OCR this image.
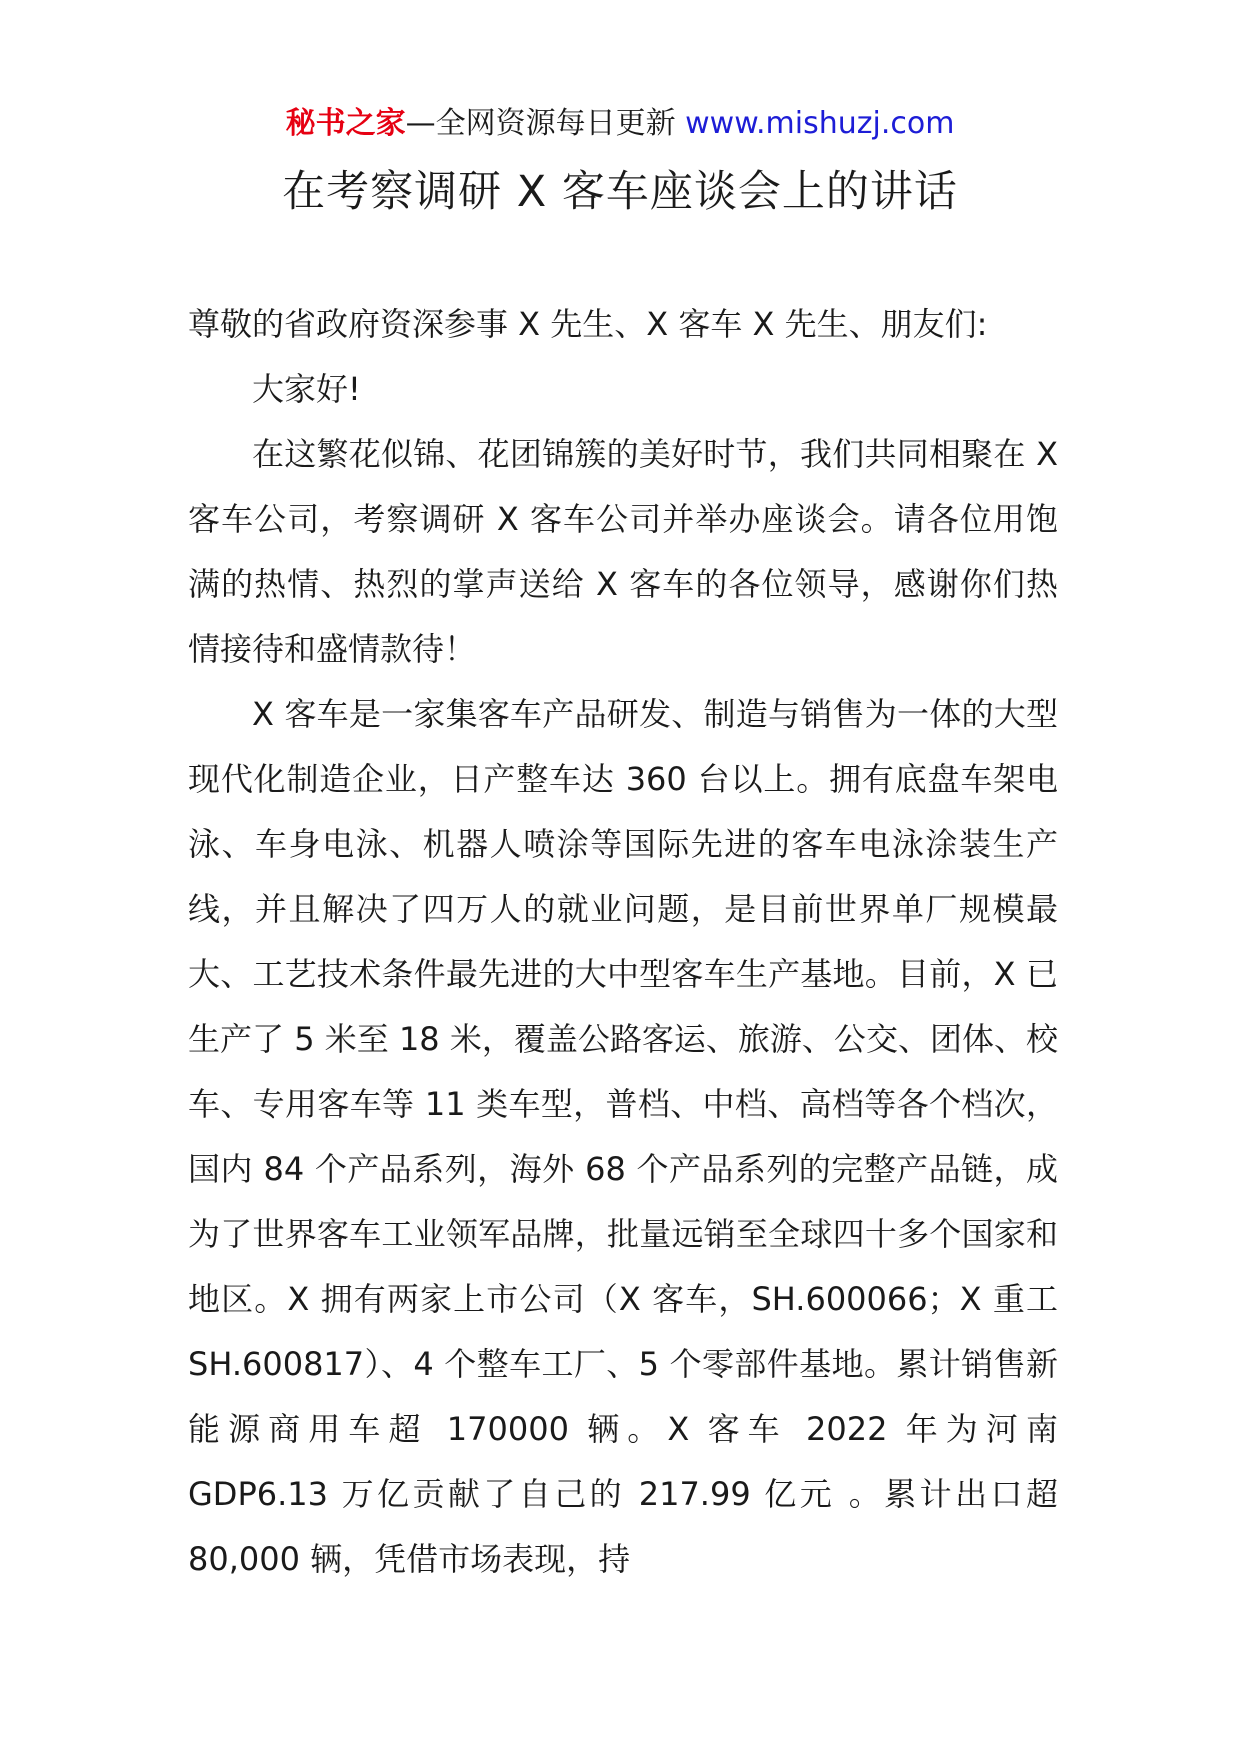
秘书之家—全网资源每日更新 www.mishuzj.com
在考察调研 X 客车座谈会上的讲话

尊敬的省政府资深参事 X 先生、X 客车 X 先生、朋友们:

大家好!

在这繁花似锦、花团锦簇的美好时节，我们共同相聚在 X 客车公司，考察调研 X 客车公司并举办座谈会。请各位用饱满的热情、热烈的掌声送给 X 客车的各位领导，感谢你们热情接待和盛情款待！

X 客车是一家集客车产品研发、制造与销售为一体的大型现代化制造企业，日产整车达 360 台以上。拥有底盘车架电泳、车身电泳、机器人喷涂等国际先进的客车电泳涂装生产线，并且解决了四万人的就业问题，是目前世界单厂规模最大、工艺技术条件最先进的大中型客车生产基地。目前，X 已生产了 5 米至 18 米，覆盖公路客运、旅游、公交、团体、校车、专用客车等 11 类车型，普档、中档、高档等各个档次，国内 84 个产品系列，海外 68 个产品系列的完整产品链，成为了世界客车工业领军品牌，批量远销至全球四十多个国家和地区。X 拥有两家上市公司（X 客车，SH.600066；X 重工 SH.600817）、4 个整车工厂、5 个零部件基地。累计销售新能源商用车超 170000 辆。X 客车 2022 年为河南 GDP6.13 万亿贡献了自己的 217.99 亿元 。累计出口超 80,000 辆，凭借市场表现，持
